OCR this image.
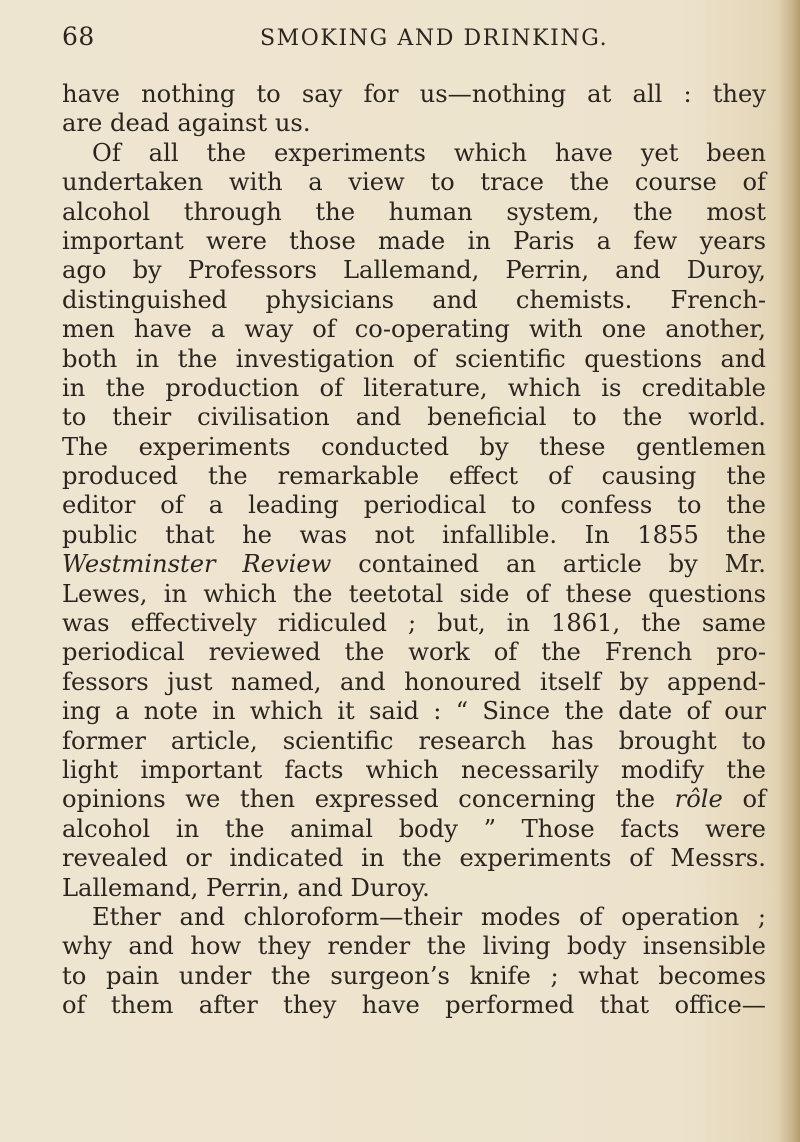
68	SMOKING AND DRINKING.
have nothing to say for us—nothing at all : they
are dead against us.
Of all the experiments which have yet been
undertaken with a view to trace the course of
alcohol through the human system, the most
important were those made in Paris a few years
ago by Professors Lallemand, Perrin, and Duroy,
distinguished physicians and chemists. French-
men have a way of co-operating with one another,
both in the investigation of scientific questions and
in the production of literature, which is creditable
to their civilisation and beneficial to the world.
The experiments conducted by these gentlemen
produced the remarkable effect of causing the
editor of a leading periodical to confess to the
public that he was not infallible. In 1855 the
Westminster Review contained an article by Mr.
Lewes, in which the teetotal side of these questions
was effectively ridiculed ; but, in 1861, the same
periodical reviewed the work of the French pro-
fessors just named, and honoured itself by append-
ing a note in which it said : “ Since the date of our
former article, scientific research has brought to
light important facts which necessarily modify the
opinions we then expressed concerning the rôle of
alcohol in the animal body ” Those facts were
revealed or indicated in the experiments of Messrs.
Lallemand, Perrin, and Duroy.
Ether and chloroform—their modes of operation ;
why and how they render the living body insensible
to pain under the surgeon’s knife ; what becomes
of them after they have performed that office—
